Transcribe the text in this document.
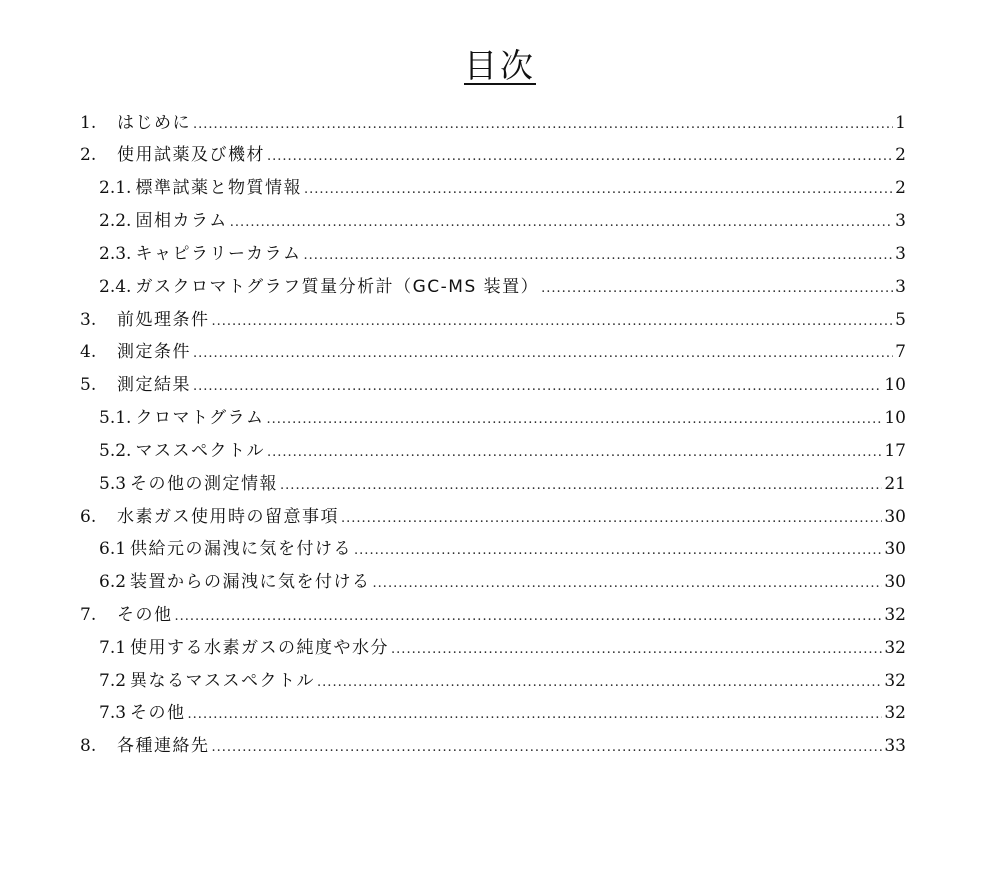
目次
1.	はじめに .....	1
2.	使用試薬及び機材 .....	2
2.1. 標準試薬と物質情報 .....	2
2.2. 固相カラム .....	3
2.3. キャピラリーカラム .....	3
2.4. ガスクロマトグラフ質量分析計（GC-MS 装置） .....	3
3.	前処理条件 .....	5
4.	測定条件 .....	7
5.	測定結果 .....	10
5.1. クロマトグラム .....	10
5.2. マススペクトル .....	17
5.3 その他の測定情報 .....	21
6.	水素ガス使用時の留意事項 .....	30
6.1 供給元の漏洩に気を付ける .....	30
6.2 装置からの漏洩に気を付ける .....	30
7.	その他 .....	32
7.1 使用する水素ガスの純度や水分 .....	32
7.2 異なるマススペクトル .....	32
7.3 その他 .....	32
8.	各種連絡先 .....	33
